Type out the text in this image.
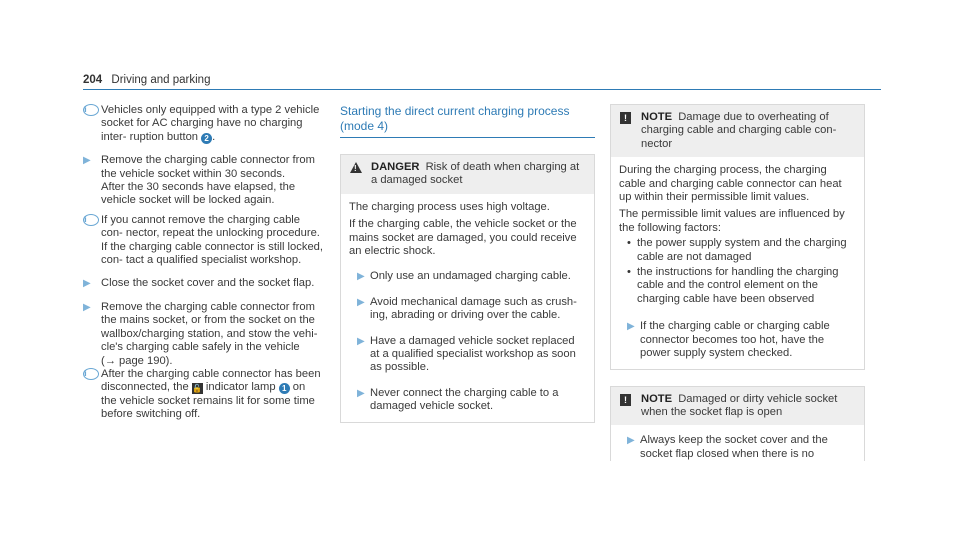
204 Driving and parking
i	Vehicles only equipped with a type 2 vehicle socket for AC charging have no charging inter- ruption button 2 .
▶ Remove the charging cable connector from the vehicle socket within 30 seconds.

After the 30 seconds have elapsed, the vehicle socket will be locked again.

i	If you cannot remove the charging cable con- nector, repeat the unlocking procedure. If the charging cable connector is still locked, con- tact a qualified specialist workshop.
▶ Close the socket cover and the socket flap.
▶ Remove the charging cable connector from the mains socket, or from the socket on the wallbox/charging station, and stow the vehi- cle's charging cable safely in the vehicle
(→ page 190).
i	After the charging cable connector has been disconnected, the 🔓 indicator lamp 1 on the vehicle socket remains lit for some time before switching off.
Starting the direct current charging process (mode 4)
! DANGER Risk of death when charging at a damaged socket

The charging process uses high voltage.

If the charging cable, the vehicle socket or the mains socket are damaged, you could receive an electric shock.

▶ Only use an undamaged charging cable.
▶ Avoid mechanical damage such as crush- ing, abrading or driving over the cable.
▶ Have a damaged vehicle socket replaced at a qualified specialist workshop as soon as possible.
▶ Never connect the charging cable to a damaged vehicle socket.
!	NOTE Damage due to overheating of charging cable and charging cable con- nector

During the charging process, the charging cable and charging cable connector can heat up within their permissible limit values.

The permissible limit values are influenced by the following factors:

• the power supply system and the charging cable are not damaged
• the instructions for handling the charging cable and the control element on the charging cable have been observed
▶ If the charging cable or charging cable connector becomes too hot, have the power supply system checked.
!	NOTE Damaged or dirty vehicle socket when the socket flap is open
▶ Always keep the socket cover and the socket flap closed when there is no
